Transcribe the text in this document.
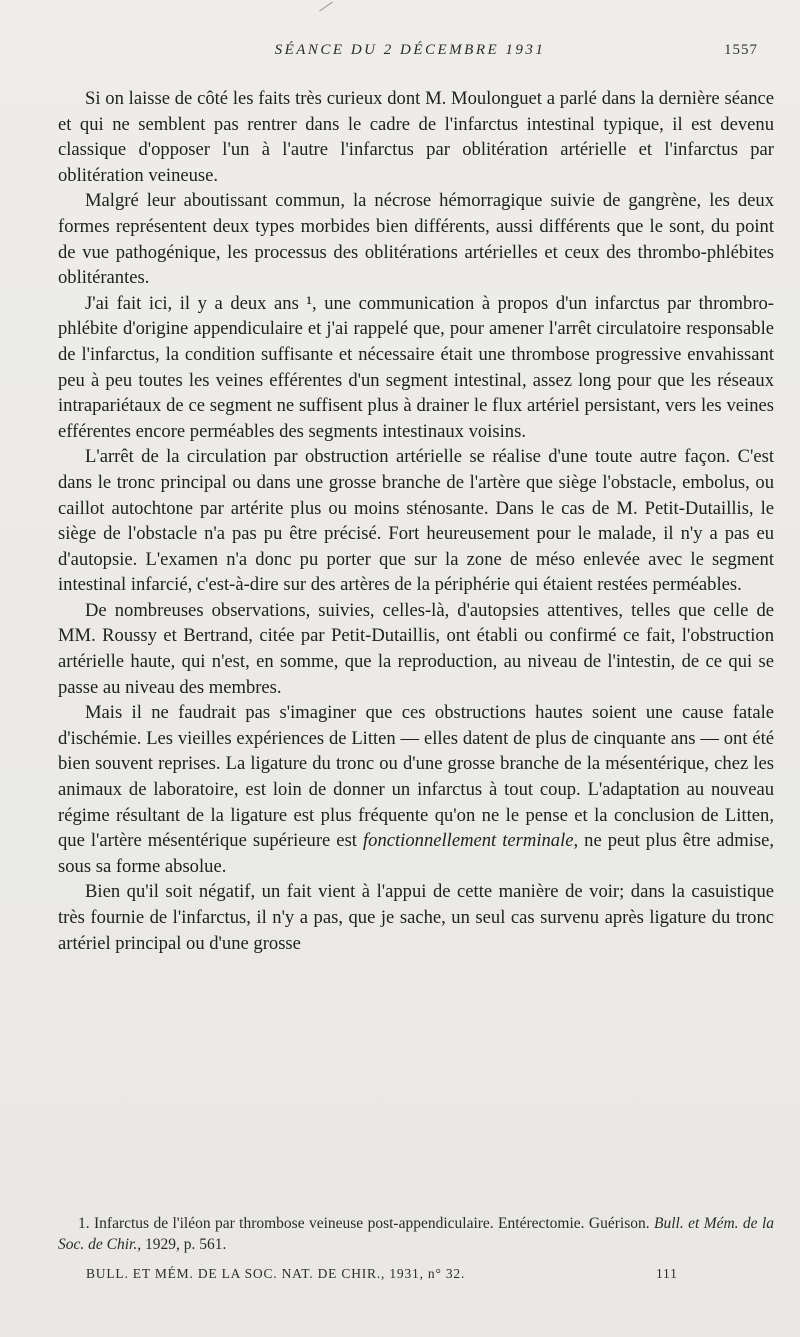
SÉANCE DU 2 DÉCEMBRE 1931	1557

Si on laisse de côté les faits très curieux dont M. Moulonguet a parlé dans la dernière séance et qui ne semblent pas rentrer dans le cadre de l'infarctus intestinal typique, il est devenu classique d'opposer l'un à l'autre l'infarctus par oblitération artérielle et l'infarctus par oblitération veineuse.

Malgré leur aboutissant commun, la nécrose hémorragique suivie de gangrène, les deux formes représentent deux types morbides bien différents, aussi différents que le sont, du point de vue pathogénique, les processus des oblitérations artérielles et ceux des thrombo-phlébites oblitérantes.

J'ai fait ici, il y a deux ans ¹, une communication à propos d'un infarctus par thrombro-phlébite d'origine appendiculaire et j'ai rappelé que, pour amener l'arrêt circulatoire responsable de l'infarctus, la condition suffisante et nécessaire était une thrombose progressive envahissant peu à peu toutes les veines efférentes d'un segment intestinal, assez long pour que les réseaux intrapariétaux de ce segment ne suffisent plus à drainer le flux artériel persistant, vers les veines efférentes encore perméables des segments intestinaux voisins.

L'arrêt de la circulation par obstruction artérielle se réalise d'une toute autre façon. C'est dans le tronc principal ou dans une grosse branche de l'artère que siège l'obstacle, embolus, ou caillot autochtone par artérite plus ou moins sténosante. Dans le cas de M. Petit-Dutaillis, le siège de l'obstacle n'a pas pu être précisé. Fort heureusement pour le malade, il n'y a pas eu d'autopsie. L'examen n'a donc pu porter que sur la zone de méso enlevée avec le segment intestinal infarcié, c'est-à-dire sur des artères de la périphérie qui étaient restées perméables.

De nombreuses observations, suivies, celles-là, d'autopsies attentives, telles que celle de MM. Roussy et Bertrand, citée par Petit-Dutaillis, ont établi ou confirmé ce fait, l'obstruction artérielle haute, qui n'est, en somme, que la reproduction, au niveau de l'intestin, de ce qui se passe au niveau des membres.

Mais il ne faudrait pas s'imaginer que ces obstructions hautes soient une cause fatale d'ischémie. Les vieilles expériences de Litten — elles datent de plus de cinquante ans — ont été bien souvent reprises. La ligature du tronc ou d'une grosse branche de la mésentérique, chez les animaux de laboratoire, est loin de donner un infarctus à tout coup. L'adaptation au nouveau régime résultant de la ligature est plus fréquente qu'on ne le pense et la conclusion de Litten, que l'artère mésentérique supérieure est fonctionnellement terminale, ne peut plus être admise, sous sa forme absolue.

Bien qu'il soit négatif, un fait vient à l'appui de cette manière de voir; dans la casuistique très fournie de l'infarctus, il n'y a pas, que je sache, un seul cas survenu après ligature du tronc artériel principal ou d'une grosse

1. Infarctus de l'iléon par thrombose veineuse post-appendiculaire. Entérectomie. Guérison. Bull. et Mém. de la Soc. de Chir., 1929, p. 561.

BULL. ET MÉM. DE LA SOC. NAT. DE CHIR., 1931, n° 32.	111
